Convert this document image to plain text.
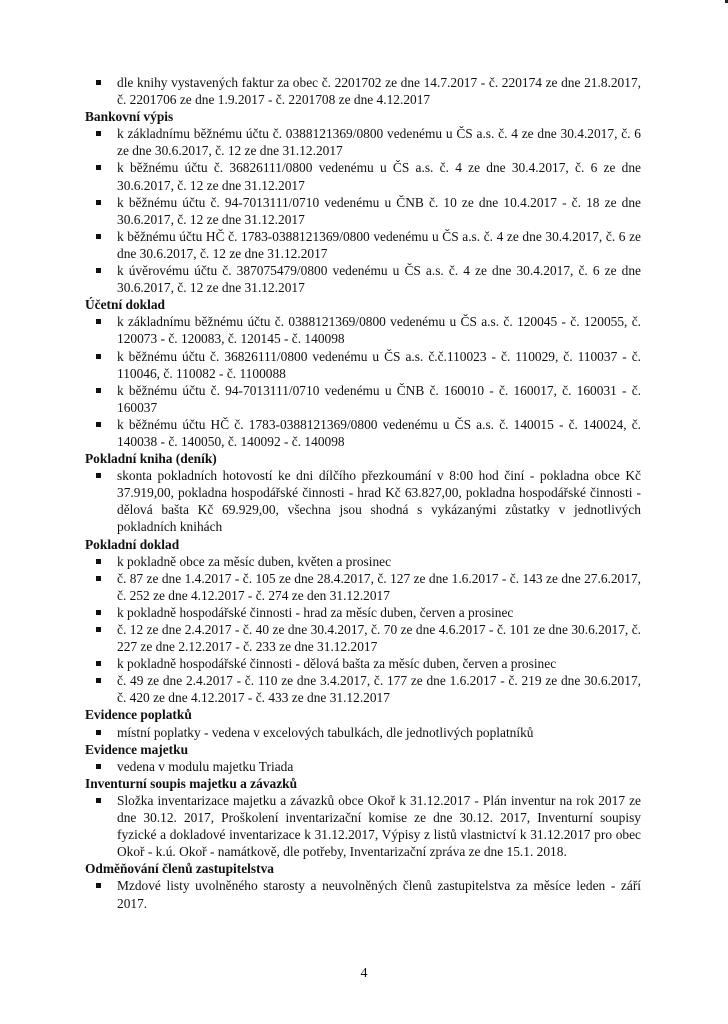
dle knihy vystavených faktur za obec č. 2201702 ze dne 14.7.2017 - č. 220174 ze dne 21.8.2017, č. 2201706 ze dne 1.9.2017 - č. 2201708 ze dne 4.12.2017

Bankovní výpis

k základnímu běžnému účtu č. 0388121369/0800 vedenému u ČS a.s. č. 4 ze dne 30.4.2017, č. 6 ze dne 30.6.2017, č. 12 ze dne 31.12.2017
k běžnému účtu č. 36826111/0800 vedenému u ČS a.s. č. 4 ze dne 30.4.2017, č. 6 ze dne 30.6.2017, č. 12 ze dne 31.12.2017
k běžnému účtu č. 94-7013111/0710 vedenému u ČNB č. 10 ze dne 10.4.2017 - č. 18 ze dne 30.6.2017, č. 12 ze dne 31.12.2017
k běžnému účtu HČ č. 1783-0388121369/0800 vedenému u ČS a.s. č. 4 ze dne 30.4.2017, č. 6 ze dne 30.6.2017, č. 12 ze dne 31.12.2017
k úvěrovému účtu č. 387075479/0800 vedenému u ČS a.s. č. 4 ze dne 30.4.2017, č. 6 ze dne 30.6.2017, č. 12 ze dne 31.12.2017

Účetní doklad

k základnímu běžnému účtu č. 0388121369/0800 vedenému u ČS a.s. č. 120045 - č. 120055, č. 120073 - č. 120083, č. 120145 - č. 140098
k běžnému účtu č. 36826111/0800 vedenému u ČS a.s. č.č.110023 - č. 110029, č. 110037 - č. 110046, č. 110082 - č. 1100088
k běžnému účtu č. 94-7013111/0710 vedenému u ČNB č. 160010 - č. 160017, č. 160031 - č. 160037
k běžnému účtu HČ č. 1783-0388121369/0800 vedenému u ČS a.s. č. 140015 - č. 140024, č. 140038 - č. 140050, č. 140092 - č. 140098

Pokladní kniha (deník)

skonta pokladních hotovostí ke dni dílčího přezkoumání v 8:00 hod činí - pokladna obce Kč 37.919,00, pokladna hospodářské činnosti - hrad Kč 63.827,00, pokladna hospodářské činnosti - dělová bašta Kč 69.929,00, všechna jsou shodná s vykázanými zůstatky v jednotlivých pokladních knihách

Pokladní doklad

k pokladně obce za měsíc duben, květen a prosinec
č. 87 ze dne 1.4.2017 - č. 105 ze dne 28.4.2017, č. 127 ze dne 1.6.2017 - č. 143 ze dne 27.6.2017, č. 252 ze dne 4.12.2017 - č. 274 ze den 31.12.2017
k pokladně hospodářské činnosti - hrad za měsíc duben, červen a prosinec
č. 12 ze dne 2.4.2017 - č. 40 ze dne 30.4.2017, č. 70 ze dne 4.6.2017 - č. 101 ze dne 30.6.2017, č. 227 ze dne 2.12.2017 - č. 233 ze dne 31.12.2017
k pokladně hospodářské činnosti - dělová bašta za měsíc duben, červen a prosinec
č. 49 ze dne 2.4.2017 - č. 110 ze dne 3.4.2017, č. 177 ze dne 1.6.2017 - č. 219 ze dne 30.6.2017, č. 420 ze dne 4.12.2017 - č. 433 ze dne 31.12.2017

Evidence poplatků

místní poplatky - vedena v excelových tabulkách, dle jednotlivých poplatníků

Evidence majetku

vedena v modulu majetku Triada

Inventurní soupis majetku a závazků

Složka inventarizace majetku a závazků obce Okoř k 31.12.2017 - Plán inventur na rok 2017 ze dne 30.12. 2017, Proškolení inventarizační komise ze dne 30.12. 2017, Inventurní soupisy fyzické a dokladové inventarizace k 31.12.2017, Výpisy z listů vlastnictví k 31.12.2017 pro obec Okoř - k.ú. Okoř - namátkově, dle potřeby, Inventarizační zpráva ze dne 15.1. 2018.

Odměňování členů zastupitelstva

Mzdové listy uvolněného starosty a neuvolněných členů zastupitelstva za měsíce leden - září 2017.
4
